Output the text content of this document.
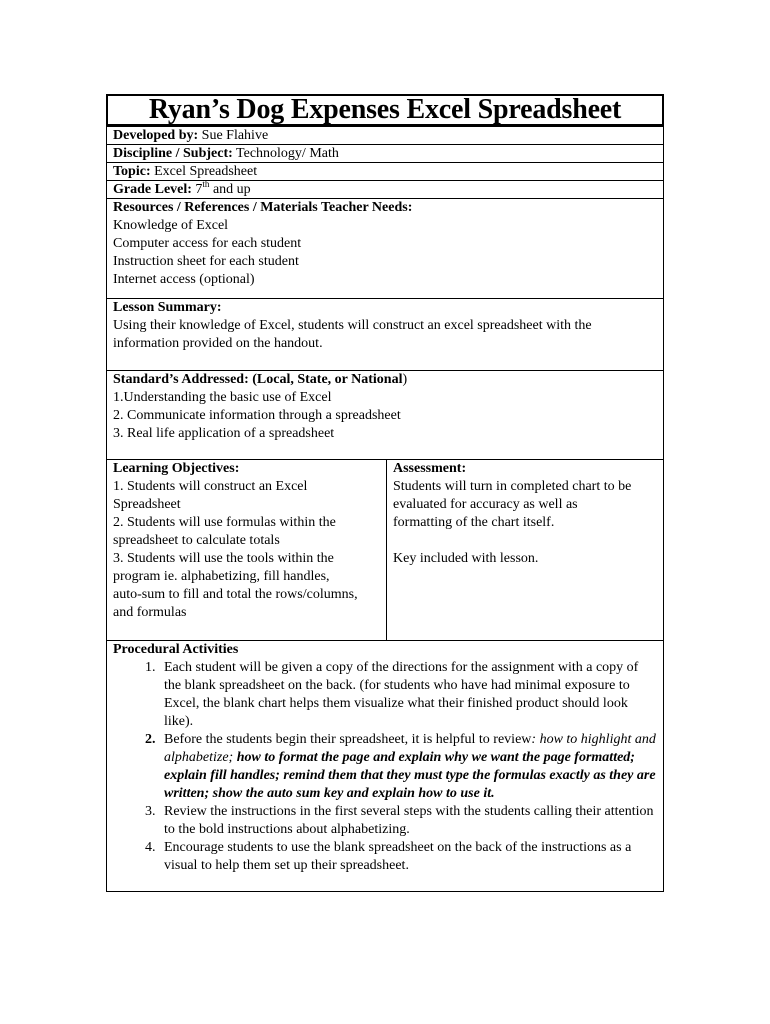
Ryan’s Dog Expenses Excel Spreadsheet
Developed by: Sue Flahive
Discipline / Subject: Technology/ Math
Topic: Excel Spreadsheet
Grade Level: 7th and up
Resources / References / Materials Teacher Needs:
Knowledge of Excel
Computer access for each student
Instruction sheet for each student
Internet access (optional)
Lesson Summary:
Using their knowledge of Excel, students will construct an excel spreadsheet with the
information provided on the handout.
Standard’s Addressed: (Local, State, or National)
1.Understanding the basic use of Excel
2. Communicate information through a spreadsheet
3. Real life application of a spreadsheet
Learning Objectives:
1. Students will construct an Excel
Spreadsheet
2. Students will use formulas within the
spreadsheet to calculate totals
3. Students will use the tools within the
program ie. alphabetizing, fill handles,
auto-sum to fill and total the rows/columns,
and formulas
Assessment:
Students will turn in completed chart to be
evaluated for accuracy as well as
formatting of the chart itself.

Key included with lesson.
Procedural Activities
1. Each student will be given a copy of the directions for the assignment with a copy of the blank spreadsheet on the back. (for students who have had minimal exposure to Excel, the blank chart helps them visualize what their finished product should look like).
2. Before the students begin their spreadsheet, it is helpful to review: how to highlight and alphabetize; how to format the page and explain why we want the page formatted; explain fill handles; remind them that they must type the formulas exactly as they are written; show the auto sum key and explain how to use it.
3. Review the instructions in the first several steps with the students calling their attention to the bold instructions about alphabetizing.
4. Encourage students to use the blank spreadsheet on the back of the instructions as a visual to help them set up their spreadsheet.
